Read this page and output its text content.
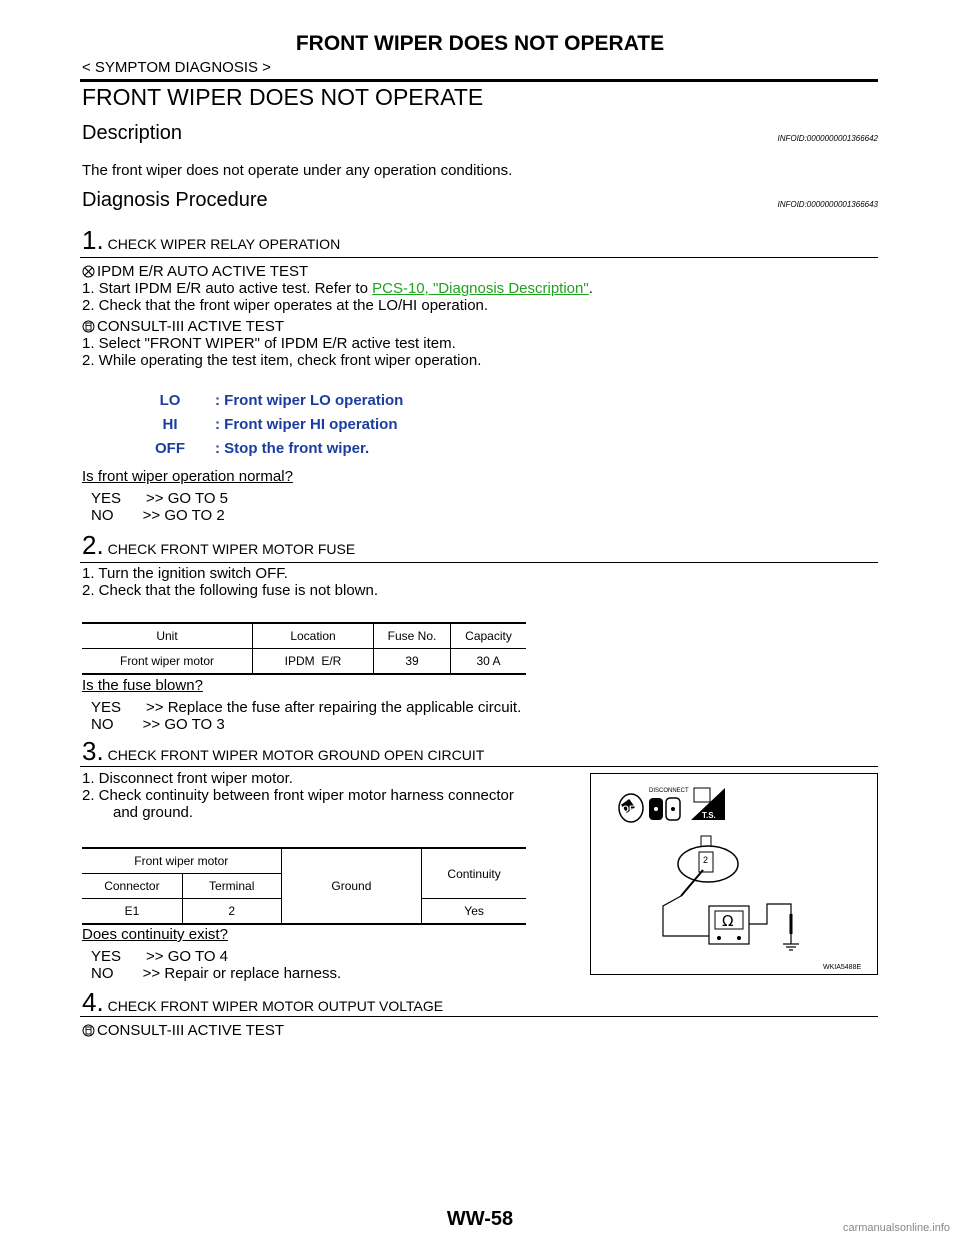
FRONT WIPER DOES NOT OPERATE
< SYMPTOM DIAGNOSIS >
FRONT WIPER DOES NOT OPERATE
Description	INFOID:0000000001366642
The front wiper does not operate under any operation conditions.
Diagnosis Procedure	INFOID:0000000001366643
1. CHECK WIPER RELAY OPERATION
IPDM E/R AUTO ACTIVE TEST
1. Start IPDM E/R auto active test. Refer to PCS-10, "Diagnosis Description".
2. Check that the front wiper operates at the LO/HI operation.
CONSULT-III ACTIVE TEST
1. Select "FRONT WIPER" of IPDM E/R active test item.
2. While operating the test item, check front wiper operation.
LO	: Front wiper LO operation
HI	: Front wiper HI operation
OFF	: Stop the front wiper.
Is front wiper operation normal?
YES      >> GO TO 5
NO       >> GO TO 2
2. CHECK FRONT WIPER MOTOR FUSE
1. Turn the ignition switch OFF.
2. Check that the following fuse is not blown.
Unit	Location	Fuse No.	Capacity
Front wiper motor	IPDM  E/R	39	30 A
Is the fuse blown?
YES      >> Replace the fuse after repairing the applicable circuit.
NO       >> GO TO 3
3. CHECK FRONT WIPER MOTOR GROUND OPEN CIRCUIT
1. Disconnect front wiper motor.
2. Check continuity between front wiper motor harness connector
and ground.
Front wiper motor		Ground	Continuity
Connector	Terminal		
E1	2		Yes
Does continuity exist?
YES      >> GO TO 4
NO       >> Repair or replace harness.
OFF
DISCONNECT
T.S.
2
Ω
WKIA5488E
4. CHECK FRONT WIPER MOTOR OUTPUT VOLTAGE
CONSULT-III ACTIVE TEST
WW-58	carmanualsonline.info
